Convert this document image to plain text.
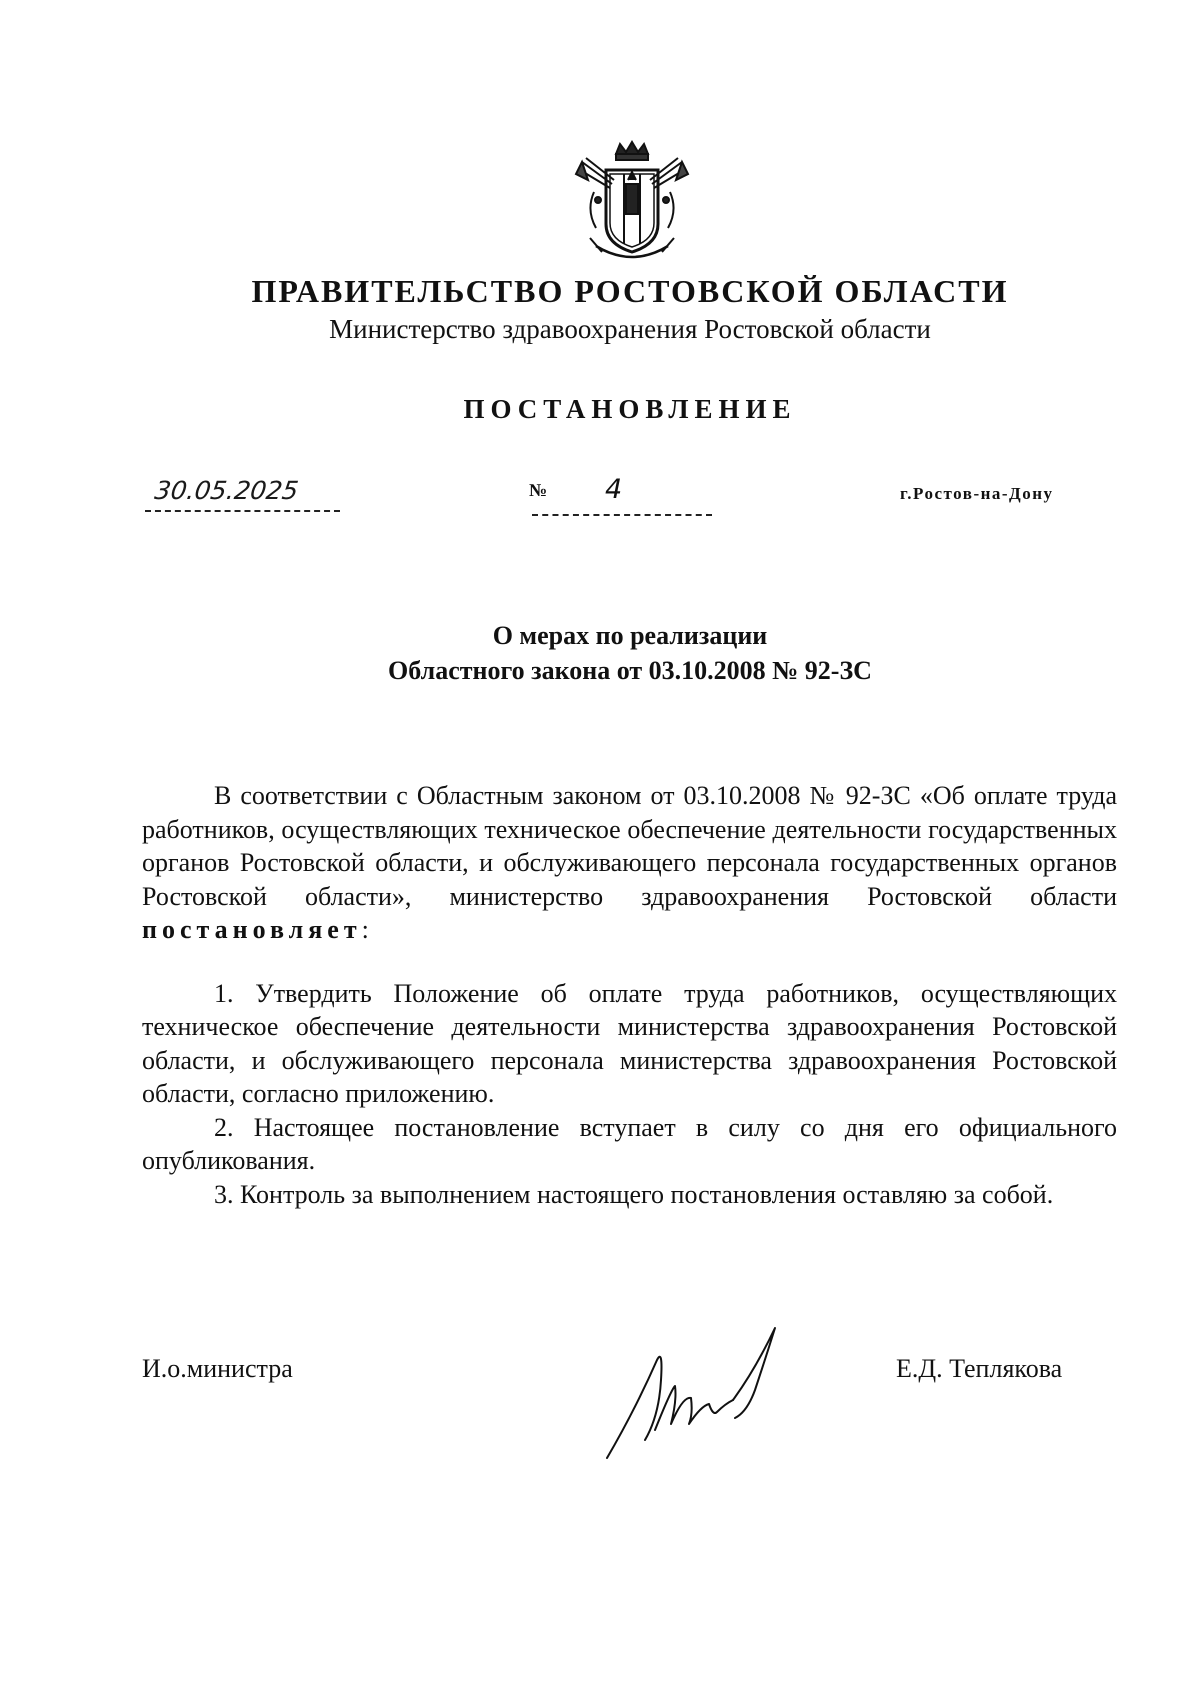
ПРАВИТЕЛЬСТВО РОСТОВСКОЙ ОБЛАСТИ
Министерство здравоохранения Ростовской области
ПОСТАНОВЛЕНИЕ
30.05.2025	№ 4	г.Ростов-на-Дону
О мерах по реализации
Областного закона от 03.10.2008 № 92-ЗС

В соответствии с Областным законом от 03.10.2008 № 92-ЗС «Об оплате труда работников, осуществляющих техническое обеспечение деятельности государственных органов Ростовской области, и обслуживающего персонала государственных органов Ростовской области», министерство здравоохранения Ростовской области постановляет:

1. Утвердить Положение об оплате труда работников, осуществляющих техническое обеспечение деятельности министерства здравоохранения Ростовской области, и обслуживающего персонала министерства здравоохранения Ростовской области, согласно приложению.

2. Настоящее постановление вступает в силу со дня его официального опубликования.

3. Контроль за выполнением настоящего постановления оставляю за собой.

И.о.министра	Е.Д. Теплякова
